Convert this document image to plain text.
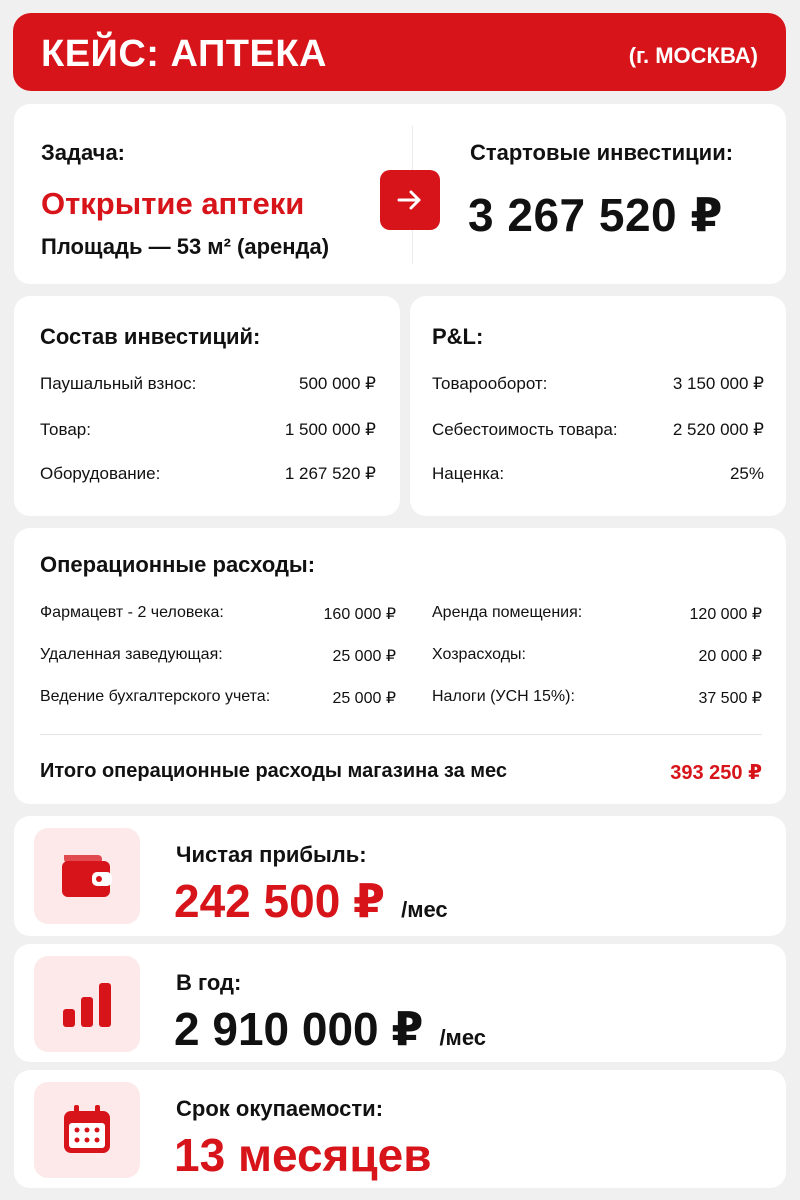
КЕЙС: АПТЕКА	(г. МОСКВА)
Задача:
Открытие аптеки
Площадь — 53 м² (аренда)
Стартовые инвестиции:
3 267 520 ₽
Состав инвестиций:
Паушальный взнос:	500 000 ₽
Товар:	1 500 000 ₽
Оборудование:	1 267 520 ₽
P&L:
Товарооборот:	3 150 000 ₽
Себестоимость товара:	2 520 000 ₽
Наценка:	25%
Операционные расходы:
Фармацевт - 2 человека:	160 000 ₽
Удаленная заведующая:	25 000 ₽
Ведение бухгалтерского учета:	25 000 ₽
Аренда помещения:	120 000 ₽
Хозрасходы:	20 000 ₽
Налоги (УСН 15%):	37 500 ₽
Итого операционные расходы магазина за мес	393 250 ₽
Чистая прибыль:
242 500 ₽ /мес
В год:
2 910 000 ₽ /мес
Срок окупаемости:
13 месяцев
